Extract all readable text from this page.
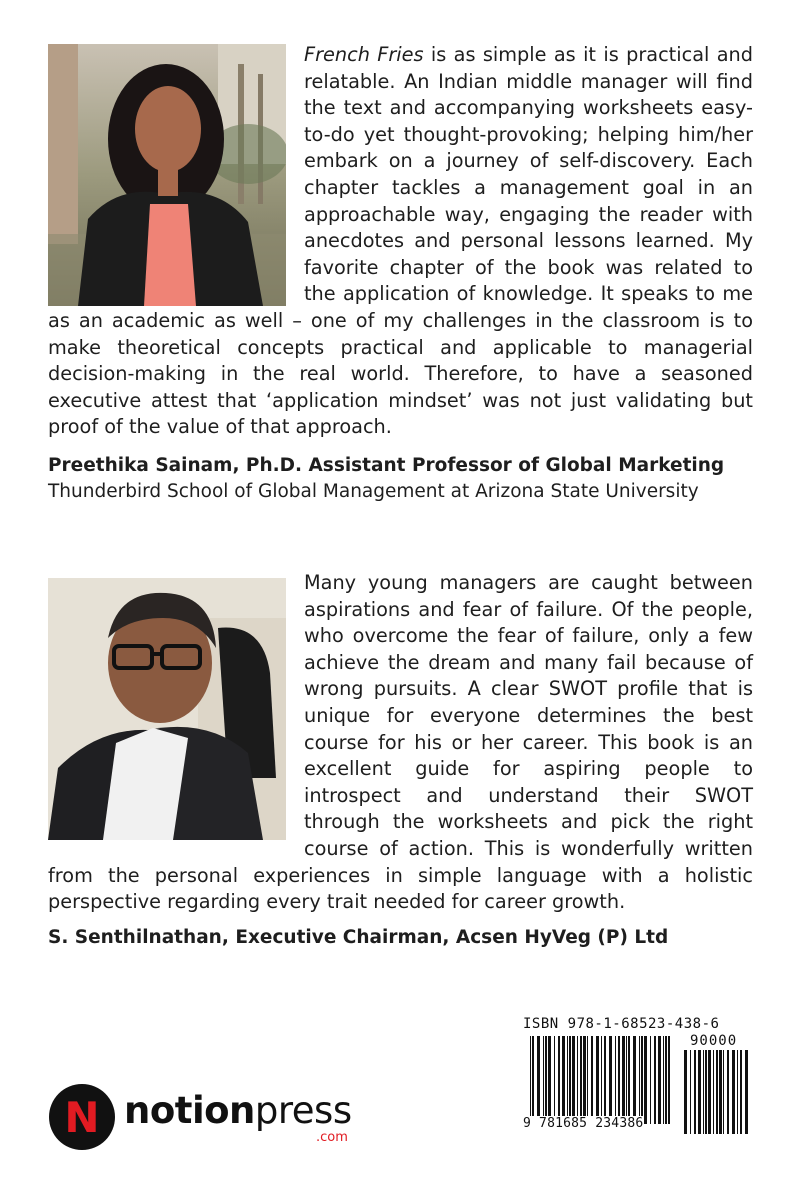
French Fries is as simple as it is practical and relatable. An Indian middle manager will find the text and accompanying worksheets easy-to-do yet thought-provoking; helping him/her embark on a journey of self-discovery. Each chapter tackles a management goal in an approachable way, engaging the reader with anecdotes and personal lessons learned. My favorite chapter of the book was related to the application of knowledge. It speaks to me as an academic as well – one of my challenges in the classroom is to make theoretical concepts practical and applicable to managerial decision-making in the real world. Therefore, to have a seasoned executive attest that ‘application mindset’ was not just validating but proof of the value of that approach.

Preethika Sainam, Ph.D. Assistant Professor of Global Marketing
Thunderbird School of Global Management at Arizona State University

Many young managers are caught between aspirations and fear of failure. Of the people, who overcome the fear of failure, only a few achieve the dream and many fail because of wrong pursuits. A clear SWOT profile that is unique for everyone determines the best course for his or her career. This book is an excellent guide for aspiring people to introspect and understand their SWOT through the worksheets and pick the right course of action. This is wonderfully written from the personal experiences in simple language with a holistic perspective regarding every trait needed for career growth.

S. Senthilnathan, Executive Chairman, Acsen HyVeg (P) Ltd
ISBN 978-1-68523-438-6
90000
9 781685 234386
N notionpress
.com
